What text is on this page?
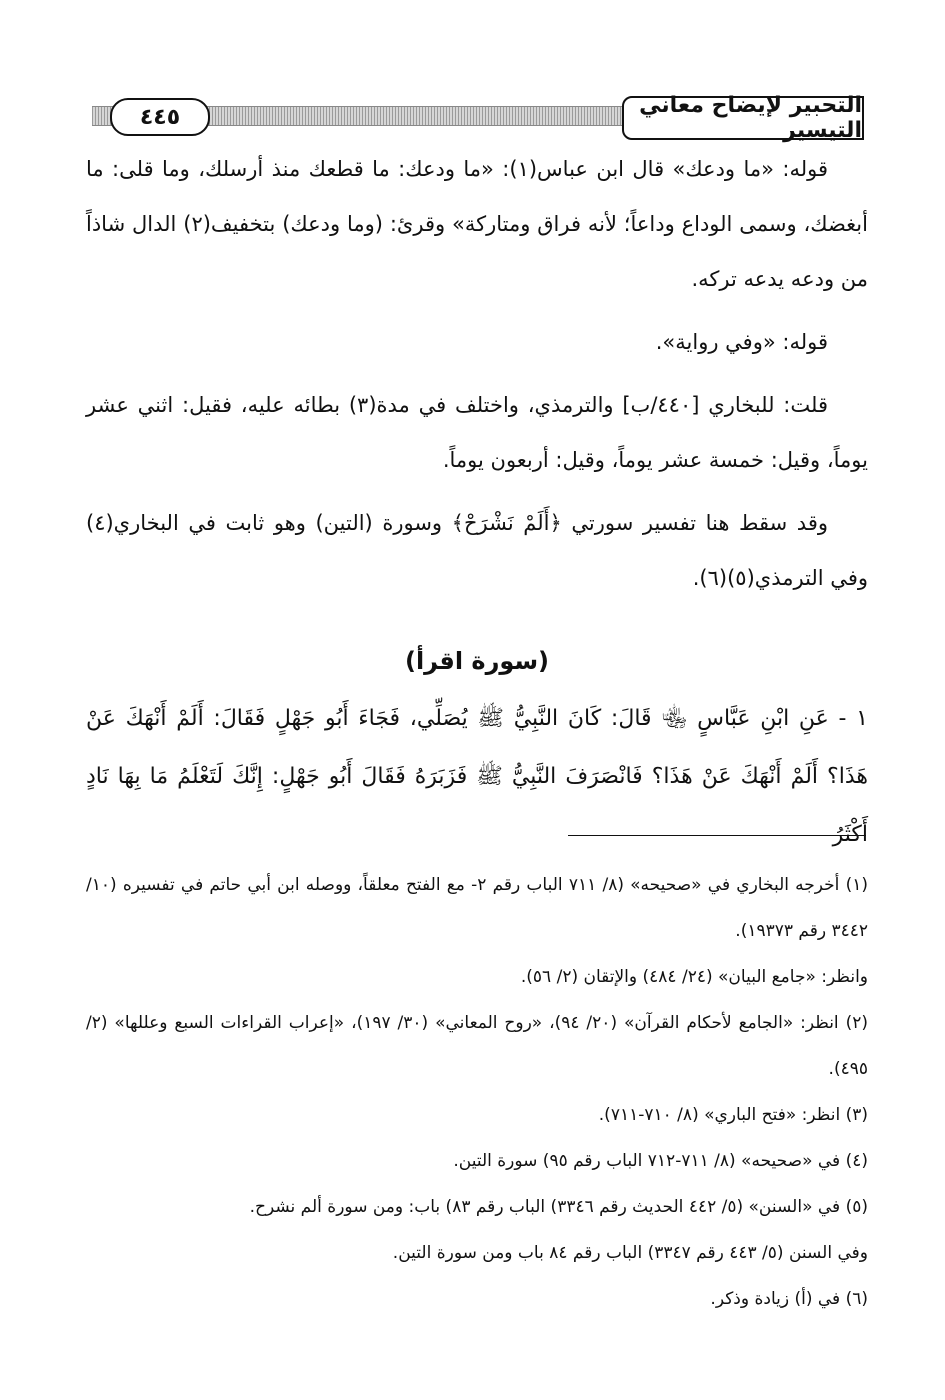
٤٤٥	التحبير لإيضاح معاني التيسير

قوله: «ما ودعك» قال ابن عباس(١): «ما ودعك: ما قطعك منذ أرسلك، وما قلى: ما أبغضك، وسمى الوداع وداعاً؛ لأنه فراق ومتاركة» وقرئ: (وما ودعك) بتخفيف(٢) الدال شاذاً من ودعه يدعه تركه.

قوله: «وفي رواية».

قلت: للبخاري [٤٤٠/ب] والترمذي، واختلف في مدة(٣) بطائه عليه، فقيل: اثني عشر يوماً، وقيل: خمسة عشر يوماً، وقيل: أربعون يوماً.

وقد سقط هنا تفسير سورتي ﴿أَلَمْ نَشْرَحْ﴾ وسورة (التين) وهو ثابت في البخاري(٤) وفي الترمذي(٥)(٦).

(سورة اقرأ)

١ - عَنِ ابْنِ عَبَّاسٍ ﵄ قَالَ: كَانَ النَّبِيُّ ﷺ يُصَلِّي، فَجَاءَ أَبُو جَهْلٍ فَقَالَ: أَلَمْ أَنْهَكَ عَنْ هَذَا؟ أَلَمْ أَنْهَكَ عَنْ هَذَا؟ فَانْصَرَفَ النَّبِيُّ ﷺ فَزَبَرَهُ فَقَالَ أَبُو جَهْلٍ: إِنَّكَ لَتَعْلَمُ مَا بِهَا نَادٍ أَكْثَرُ

(١) أخرجه البخاري في «صحيحه» (٨/ ٧١١ الباب رقم ٢- مع الفتح معلقاً، ووصله ابن أبي حاتم في تفسيره (١٠/ ٣٤٤٢ رقم ١٩٣٧٣).

وانظر: «جامع البيان» (٢٤/ ٤٨٤) والإتقان (٢/ ٥٦).

(٢) انظر: «الجامع لأحكام القرآن» (٢٠/ ٩٤)، «روح المعاني» (٣٠/ ١٩٧)، «إعراب القراءات السبع وعللها» (٢/ ٤٩٥).

(٣) انظر: «فتح الباري» (٨/ ٧١٠-٧١١).

(٤) في «صحيحه» (٨/ ٧١١-٧١٢ الباب رقم ٩٥) سورة التين.

(٥) في «السنن» (٥/ ٤٤٢ الحديث رقم ٣٣٤٦) الباب رقم ٨٣) باب: ومن سورة ألم نشرح.

وفي السنن (٥/ ٤٤٣ رقم ٣٣٤٧) الباب رقم ٨٤ باب ومن سورة التين.

(٦) في (أ) زيادة وذكر.
